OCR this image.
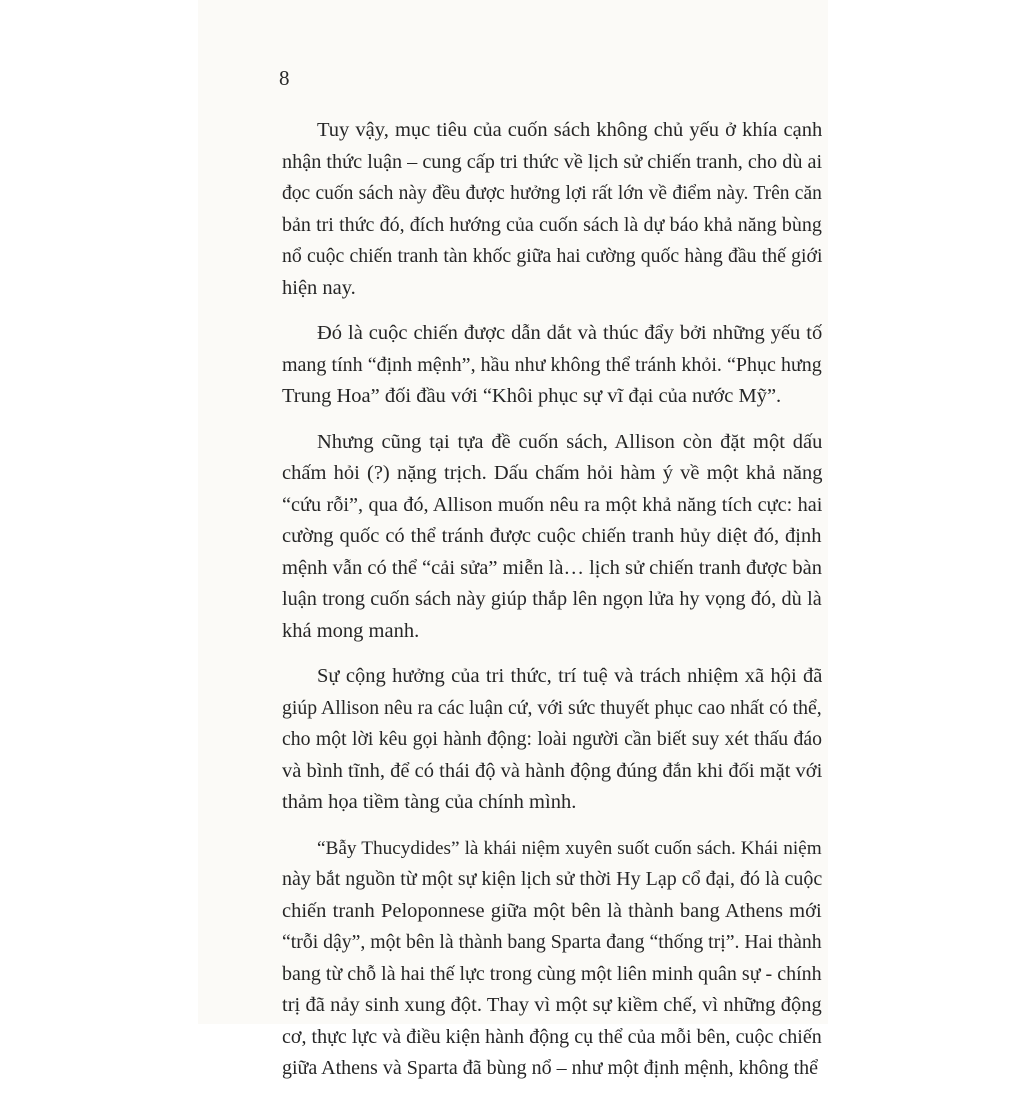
8
Tuy vậy, mục tiêu của cuốn sách không chủ yếu ở khía cạnh
nhận thức luận – cung cấp tri thức về lịch sử chiến tranh, cho dù ai
đọc cuốn sách này đều được hưởng lợi rất lớn về điểm này. Trên căn
bản tri thức đó, đích hướng của cuốn sách là dự báo khả năng bùng
nổ cuộc chiến tranh tàn khốc giữa hai cường quốc hàng đầu thế giới
hiện nay.
Đó là cuộc chiến được dẫn dắt và thúc đẩy bởi những yếu tố
mang tính “định mệnh”, hầu như không thể tránh khỏi. “Phục hưng
Trung Hoa” đối đầu với “Khôi phục sự vĩ đại của nước Mỹ”.
Nhưng cũng tại tựa đề cuốn sách, Allison còn đặt một dấu
chấm hỏi (?) nặng trịch. Dấu chấm hỏi hàm ý về một khả năng
“cứu rỗi”, qua đó, Allison muốn nêu ra một khả năng tích cực: hai
cường quốc có thể tránh được cuộc chiến tranh hủy diệt đó, định
mệnh vẫn có thể “cải sửa” miễn là… lịch sử chiến tranh được bàn
luận trong cuốn sách này giúp thắp lên ngọn lửa hy vọng đó, dù là
khá mong manh.
Sự cộng hưởng của tri thức, trí tuệ và trách nhiệm xã hội đã
giúp Allison nêu ra các luận cứ, với sức thuyết phục cao nhất có thể,
cho một lời kêu gọi hành động: loài người cần biết suy xét thấu đáo
và bình tĩnh, để có thái độ và hành động đúng đắn khi đối mặt với
thảm họa tiềm tàng của chính mình.
“Bẫy Thucydides” là khái niệm xuyên suốt cuốn sách. Khái niệm
này bắt nguồn từ một sự kiện lịch sử thời Hy Lạp cổ đại, đó là cuộc
chiến tranh Peloponnese giữa một bên là thành bang Athens mới
“trỗi dậy”, một bên là thành bang Sparta đang “thống trị”. Hai thành
bang từ chỗ là hai thế lực trong cùng một liên minh quân sự - chính
trị đã nảy sinh xung đột. Thay vì một sự kiềm chế, vì những động
cơ, thực lực và điều kiện hành động cụ thể của mỗi bên, cuộc chiến
giữa Athens và Sparta đã bùng nổ – như một định mệnh, không thể
